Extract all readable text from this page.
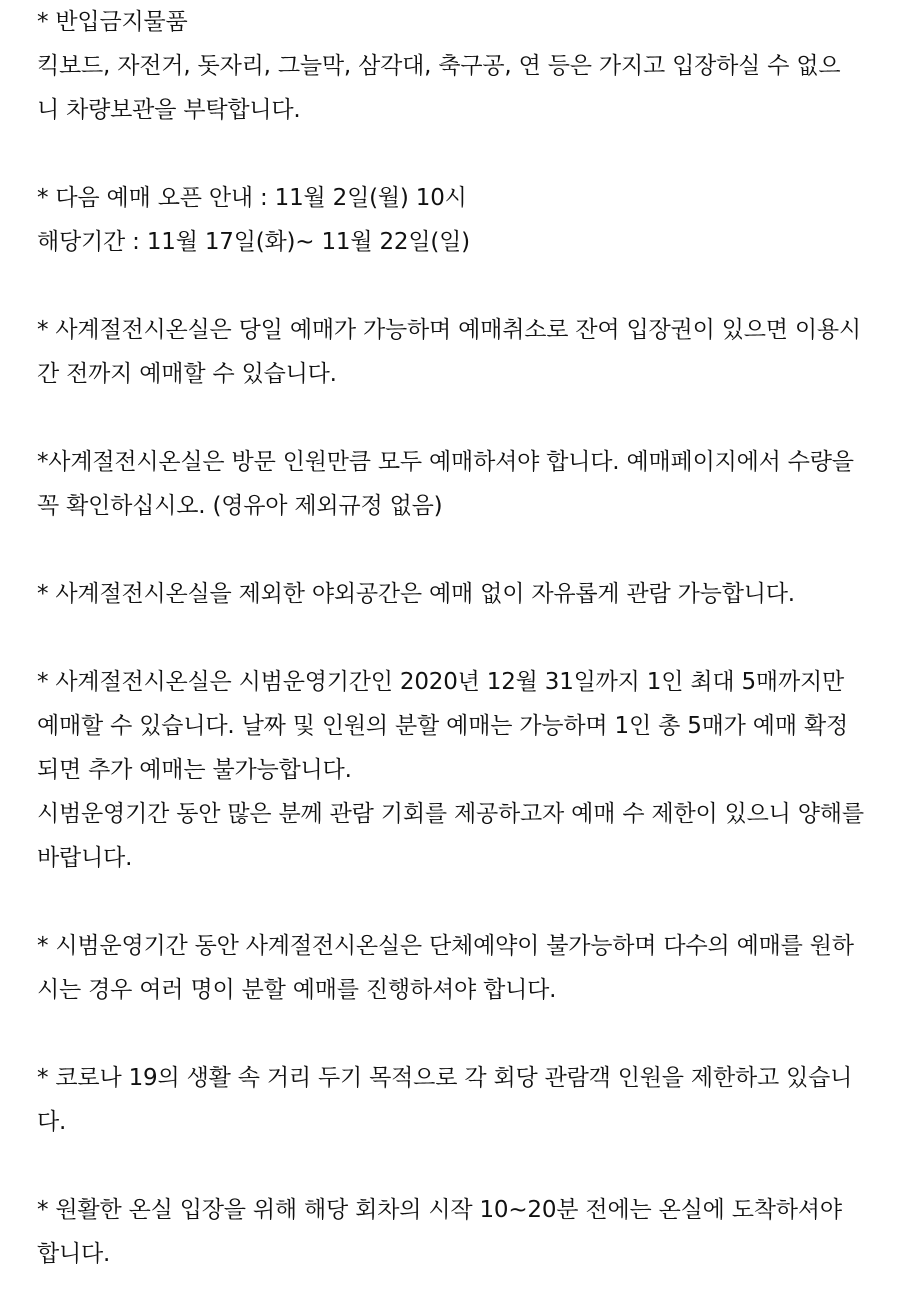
* 반입금지물품
킥보드, 자전거, 돗자리, 그늘막, 삼각대, 축구공, 연 등은 가지고 입장하실 수 없으
니 차량보관을 부탁합니다.
* 다음 예매 오픈 안내 : 11월 2일(월) 10시
해당기간 : 11월 17일(화)~ 11월 22일(일)
* 사계절전시온실은 당일 예매가 가능하며 예매취소로 잔여 입장권이 있으면 이용시
간 전까지 예매할 수 있습니다.
*사계절전시온실은 방문 인원만큼 모두 예매하셔야 합니다. 예매페이지에서 수량을
꼭 확인하십시오. (영유아 제외규정 없음)
* 사계절전시온실을 제외한 야외공간은 예매 없이 자유롭게 관람 가능합니다.
* 사계절전시온실은 시범운영기간인 2020년 12월 31일까지 1인 최대 5매까지만
예매할 수 있습니다. 날짜 및 인원의 분할 예매는 가능하며 1인 총 5매가 예매 확정
되면 추가 예매는 불가능합니다.
시범운영기간 동안 많은 분께 관람 기회를 제공하고자 예매 수 제한이 있으니 양해를
바랍니다.
* 시범운영기간 동안 사계절전시온실은 단체예약이 불가능하며 다수의 예매를 원하
시는 경우 여러 명이 분할 예매를 진행하셔야 합니다.
* 코로나 19의 생활 속 거리 두기 목적으로 각 회당 관람객 인원을 제한하고 있습니
다.
* 원활한 온실 입장을 위해 해당 회차의 시작 10~20분 전에는 온실에 도착하셔야
합니다.
